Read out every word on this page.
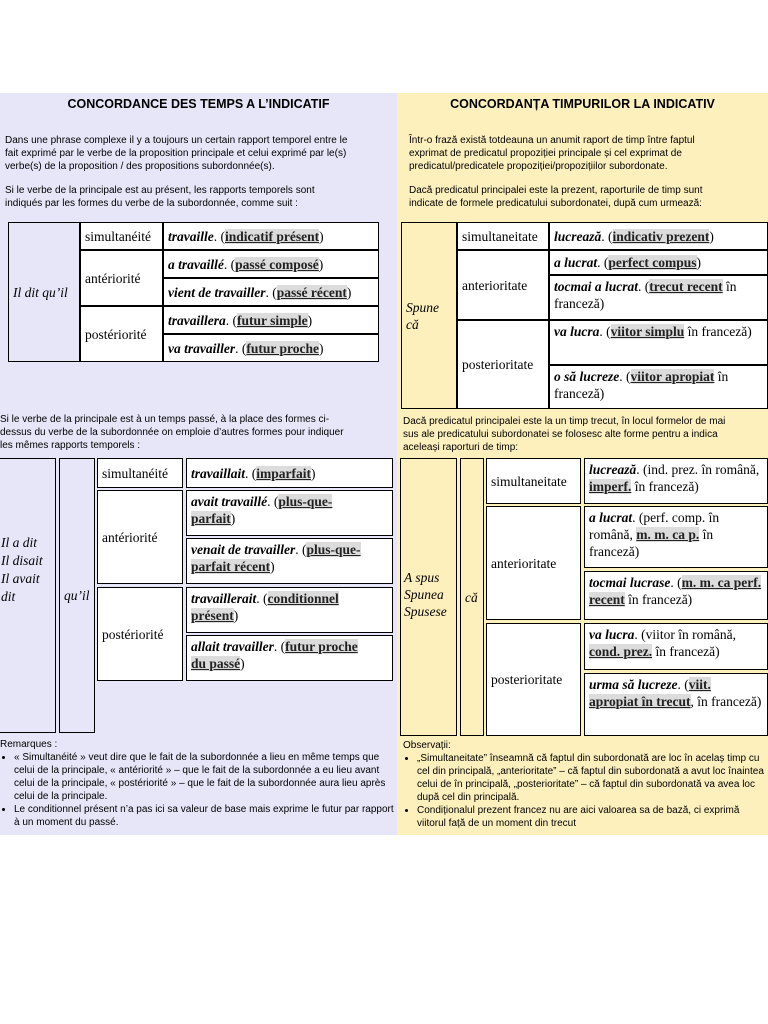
CONCORDANCE DES TEMPS A L’INDICATIF
Dans une phrase complexe il y a toujours un certain rapport temporel entre le
fait exprimé par le verbe de la proposition principale et celui exprimé par le(s)
verbe(s) de la proposition / des propositions subordonnée(s).
Si le verbe de la principale est au présent, les rapports temporels sont
indiqués par les formes du verbe de la subordonnée, comme suit :
Il dit qu’il
simultanéité
antériorité
postériorité
travaille. (indicatif présent)
a travaillé. (passé composé)
vient de travailler. (passé récent)
travaillera. (futur simple)
va travailler. (futur proche)
Si le verbe de la principale est à un temps passé, à la place des formes ci-
dessus du verbe de la subordonnée on emploie d’autres formes pour indiquer
les mêmes rapports temporels :
Il a dit
Il disait
Il avait
dit	qu’il
simultanéité
antériorité
postériorité
travaillait. (imparfait)
avait travaillé. (plus-que-
parfait)
venait de travailler. (plus-que-
parfait récent)
travaillerait. (conditionnel
présent)
allait travailler. (futur proche
du passé)
Remarques :
• « Simultanéité » veut dire que le fait de la subordonnée a lieu en même temps que celui de la principale, « antériorité » – que le fait de la subordonnée a eu lieu avant celui de la principale, « postériorité » – que le fait de la subordonnée aura lieu après celui de la principale.
• Le conditionnel présent n’a pas ici sa valeur de base mais exprime le futur par rapport à un moment du passé.
CONCORDANȚA TIMPURILOR LA INDICATIV
Într-o frază există totdeauna un anumit raport de timp între faptul
exprimat de predicatul propoziției principale și cel exprimat de
predicatul/predicatele propoziției/propozițiilor subordonate.
Dacă predicatul principalei este la prezent, raporturile de timp sunt
indicate de formele predicatului subordonatei, după cum urmează:
Spune
că
simultaneitate
anterioritate
posterioritate
lucrează. (indicativ prezent)
a lucrat. (perfect compus)
tocmai a lucrat. (trecut recent în franceză)
va lucra. (viitor simplu în franceză)
o să lucreze. (viitor apropiat în franceză)
Dacă predicatul principalei este la un timp trecut, în locul formelor de mai
sus ale predicatului subordonatei se folosesc alte forme pentru a indica
aceleași raporturi de timp:
A spus
Spunea
Spusese
că
simultaneitate
anterioritate
posterioritate
lucrează. (ind. prez. în română, imperf. în franceză)
a lucrat. (perf. comp. în română, m. m. ca p. în franceză)
tocmai lucrase. (m. m. ca perf. recent în franceză)
va lucra. (viitor în română, cond. prez. în franceză)
urma să lucreze. (viit. apropiat în trecut, în franceză)
Observații:
• „Simultaneitate” înseamnă că faptul din subordonată are loc în acelaș timp cu cel din principală, „anterioritate” – că faptul din subordonată a avut loc înaintea celui de în principală, „posterioritate” – că faptul din subordonată va avea loc după cel din principală.
• Condiționalul prezent francez nu are aici valoarea sa de bază, ci exprimă viitorul față de un moment din trecut
